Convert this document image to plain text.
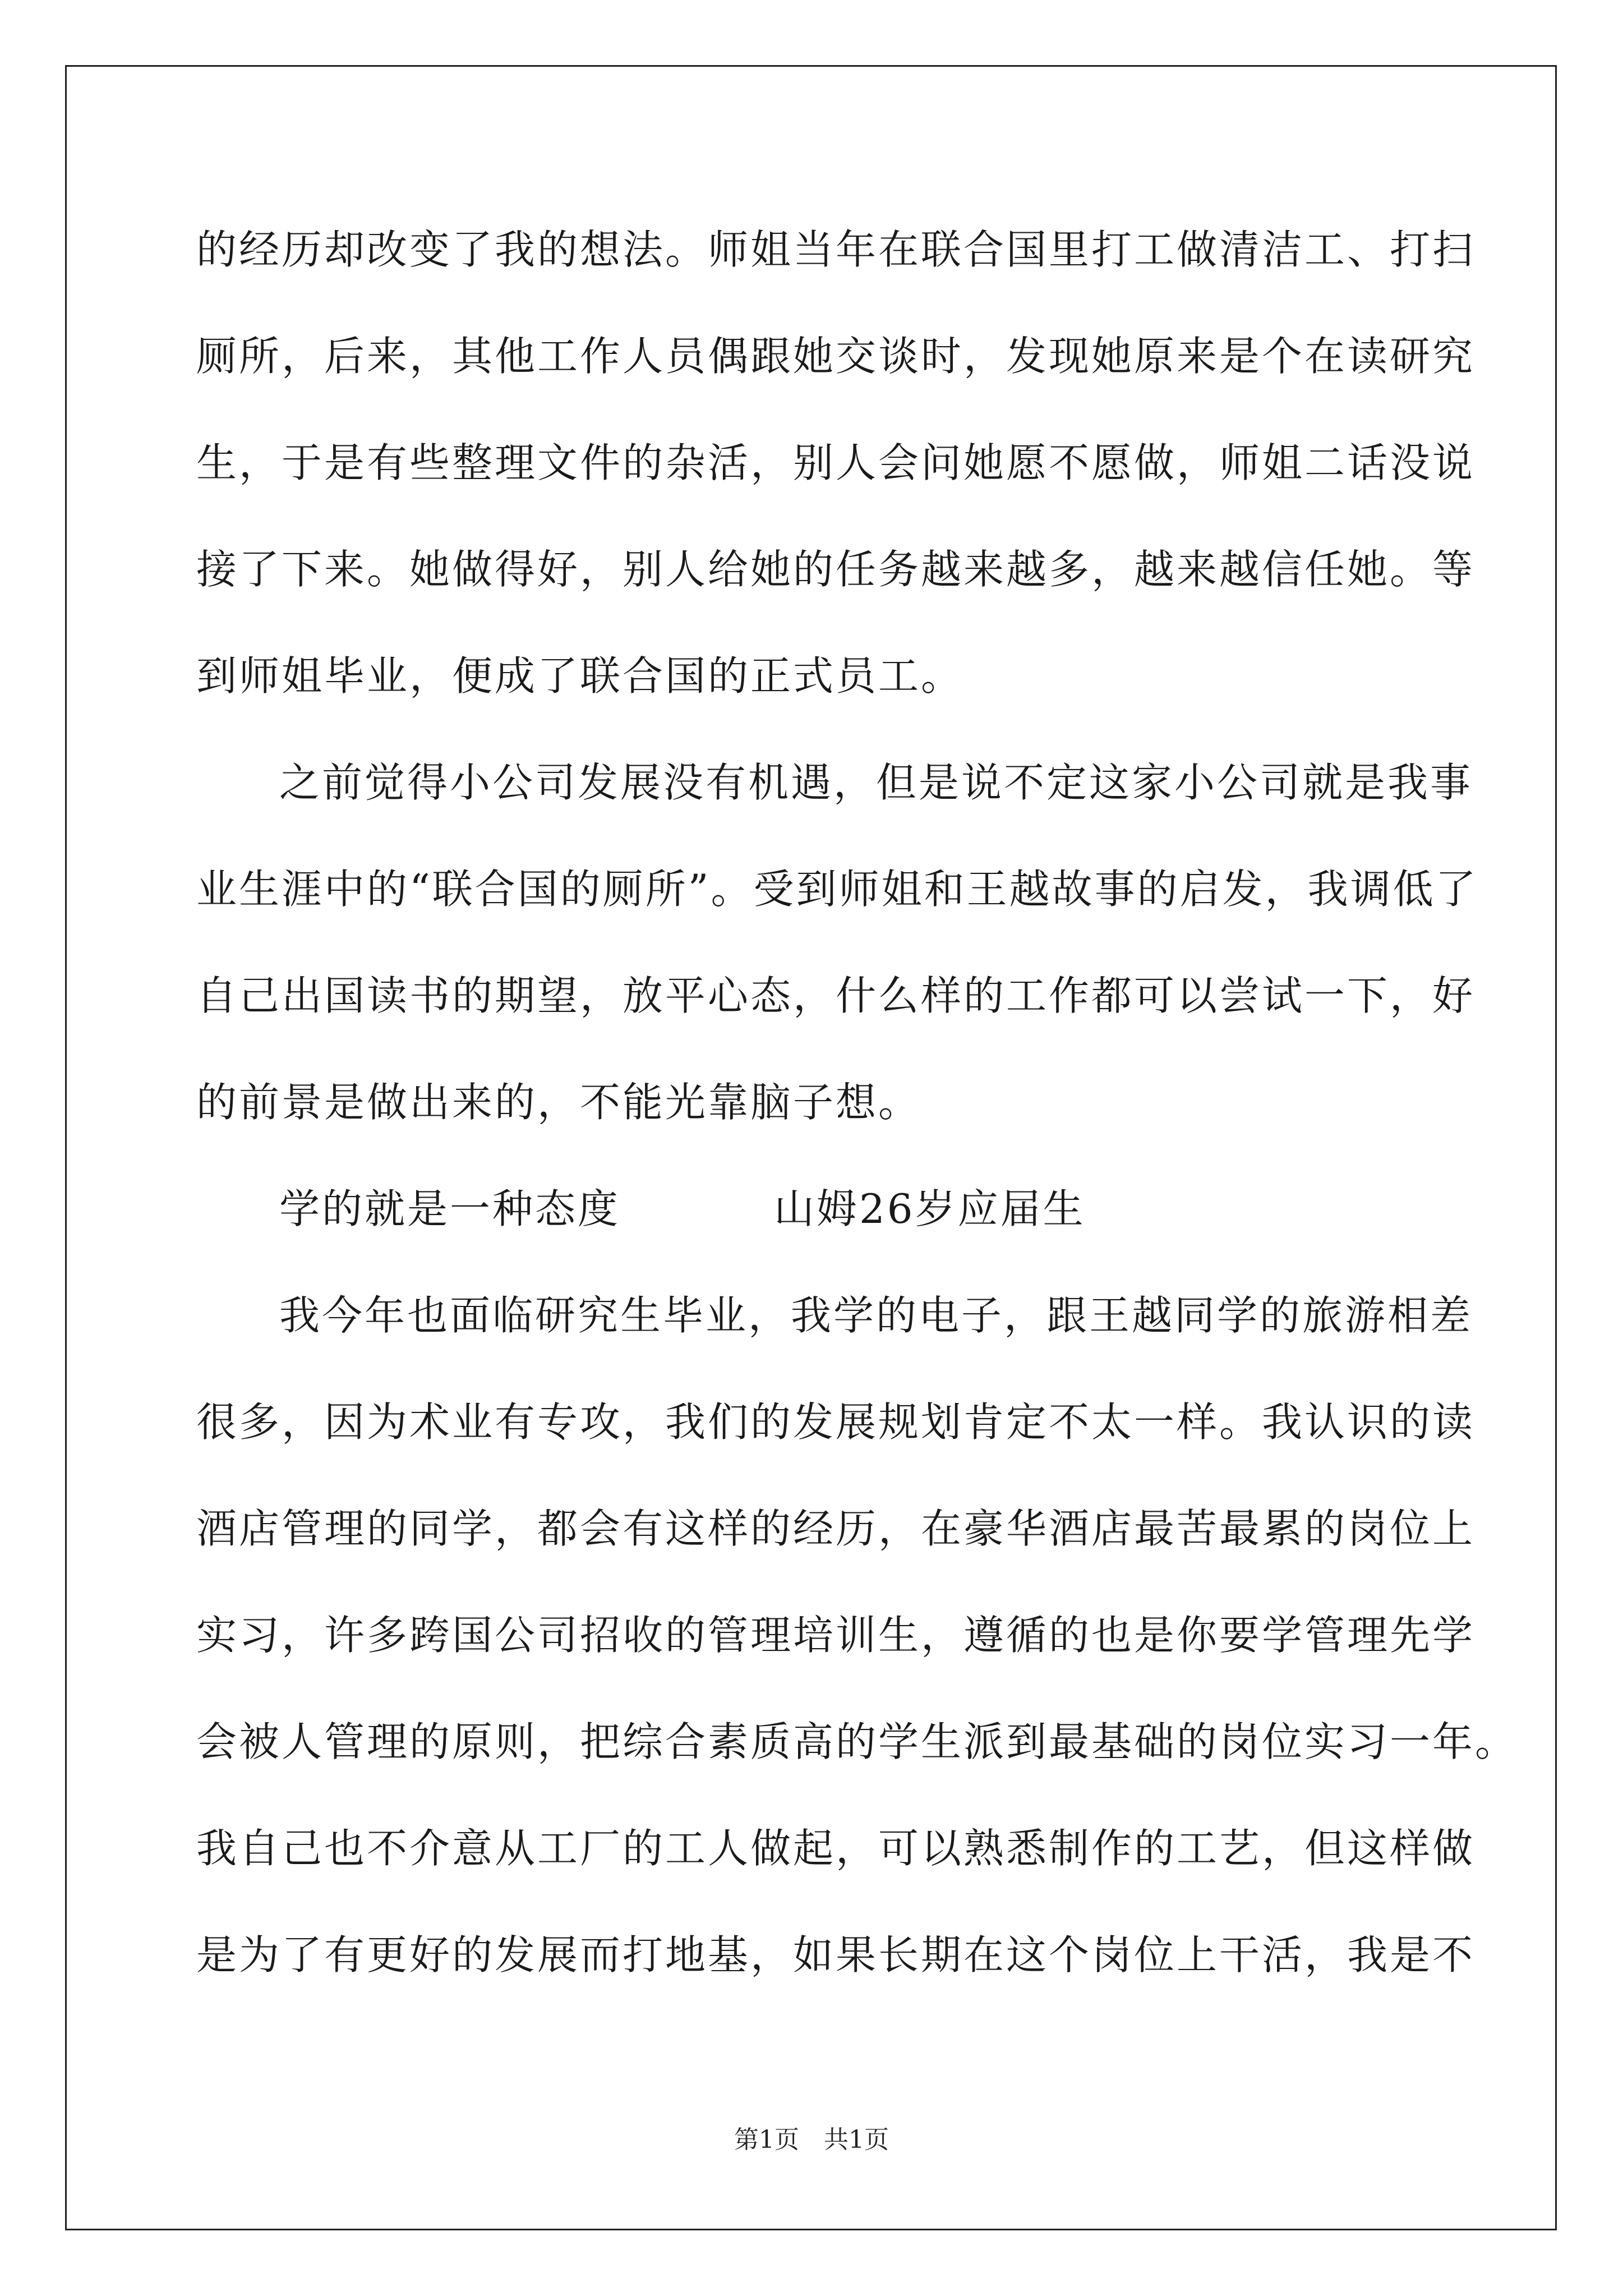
的经历却改变了我的想法。师姐当年在联合国里打工做清洁工、打扫
厕所，后来，其他工作人员偶跟她交谈时，发现她原来是个在读研究
生，于是有些整理文件的杂活，别人会问她愿不愿做，师姐二话没说
接了下来。她做得好，别人给她的任务越来越多，越来越信任她。等
到师姐毕业，便成了联合国的正式员工。
之前觉得小公司发展没有机遇，但是说不定这家小公司就是我事
业生涯中的“联合国的厕所”。受到师姐和王越故事的启发，我调低了
自己出国读书的期望，放平心态，什么样的工作都可以尝试一下，好
的前景是做出来的，不能光靠脑子想。
学的就是一种态度	山姆26岁应届生
我今年也面临研究生毕业，我学的电子，跟王越同学的旅游相差
很多，因为术业有专攻，我们的发展规划肯定不太一样。我认识的读
酒店管理的同学，都会有这样的经历，在豪华酒店最苦最累的岗位上
实习，许多跨国公司招收的管理培训生，遵循的也是你要学管理先学
会被人管理的原则，把综合素质高的学生派到最基础的岗位实习一年。
我自己也不介意从工厂的工人做起，可以熟悉制作的工艺，但这样做
是为了有更好的发展而打地基，如果长期在这个岗位上干活，我是不
第1页　共1页
